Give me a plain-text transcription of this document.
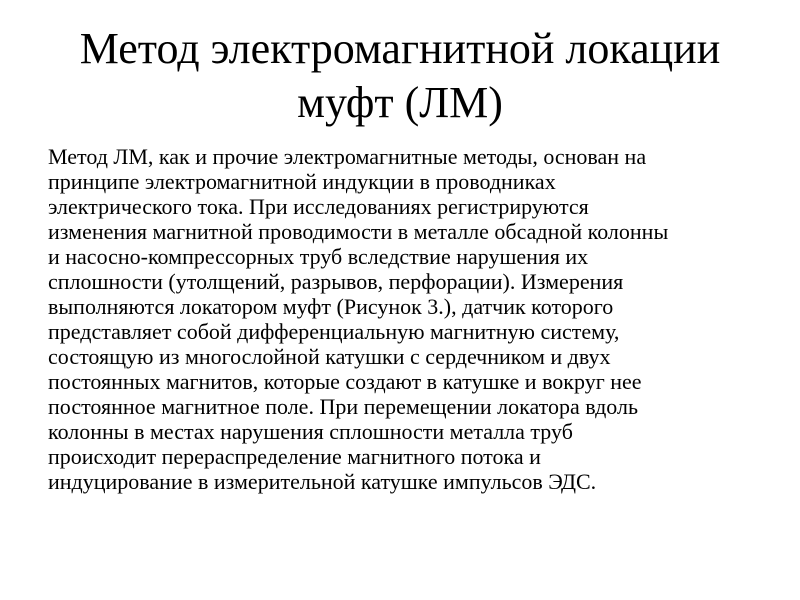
Метод электромагнитной локации
муфт (ЛМ)
Метод ЛМ, как и прочие электромагнитные методы, основан на
принципе электромагнитной индукции в проводниках
электрического тока. При исследованиях регистрируются
изменения магнитной проводимости в металле обсадной колонны
и насосно-компрессорных труб вследствие нарушения их
сплошности (утолщений, разрывов, перфорации). Измерения
выполняются локатором муфт (Рисунок 3.), датчик которого
представляет собой дифференциальную магнитную систему,
состоящую из многослойной катушки с сердечником и двух
постоянных магнитов, которые создают в катушке и вокруг нее
постоянное магнитное поле. При перемещении локатора вдоль
колонны в местах нарушения сплошности металла труб
происходит перераспределение магнитного потока и
индуцирование в измерительной катушке импульсов ЭДС.
